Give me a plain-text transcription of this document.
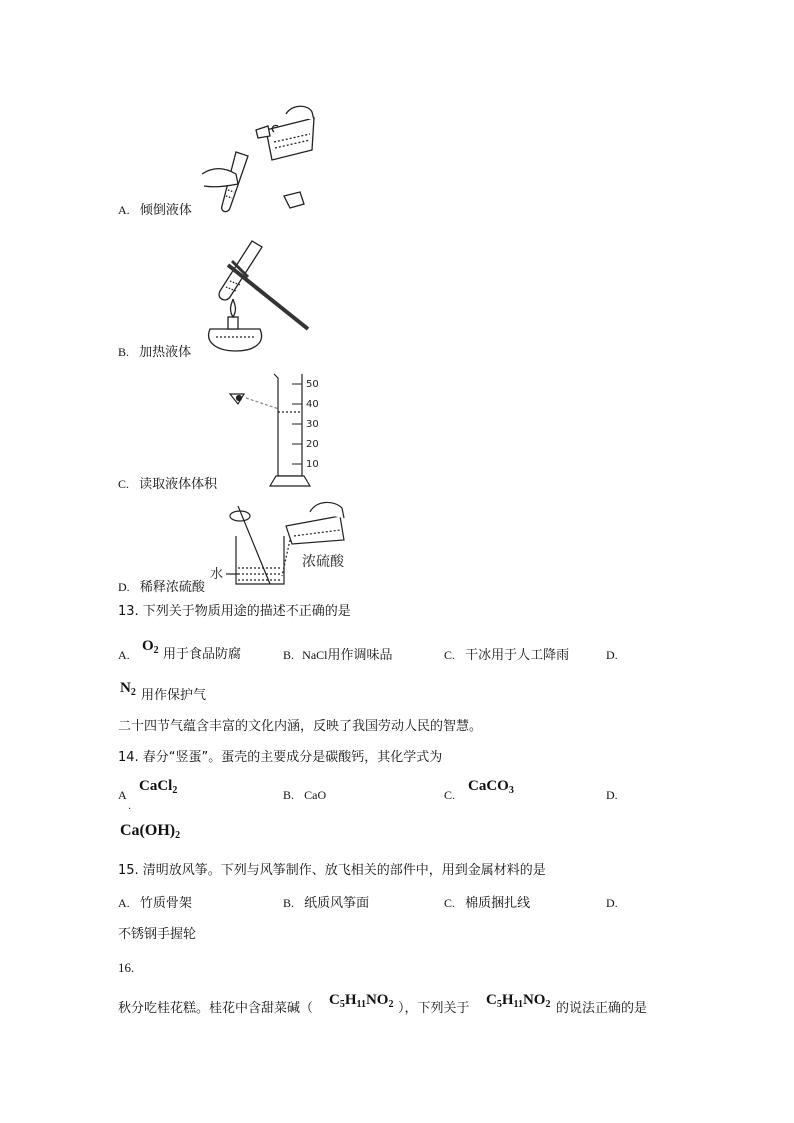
A. 倾倒液体
B. 加热液体
50
40
30
20
10
C. 读取液体体积
水
浓硫酸
D. 稀释浓硫酸
13. 下列关于物质用途的描述不正确的是
A.
$O_2$ 用于食品防腐	B. NaCl用作调味品	C. 干冰用于人工降雨	D.
$N_2$ 用作保护气
二十四节气蕴含丰富的文化内涵，反映了我国劳动人民的智慧。
14. 春分“竖蛋”。蛋壳的主要成分是碳酸钙，其化学式为
A
.
CaCl$_2$	B. CaO	C.
CaCO$_3$	D.
$Ca(OH)_2$
15. 清明放风筝。下列与风筝制作、放飞相关的部件中，用到金属材料的是
A. 竹质骨架	B. 纸质风筝面	C. 棉质捆扎线	D.
不锈钢手握轮
16.
秋分吃桂花糕。桂花中含甜菜碱（
$C_5H_{11}NO_2$ ），下列关于
$C_5H_{11}NO_2$ 的说法正确的是
